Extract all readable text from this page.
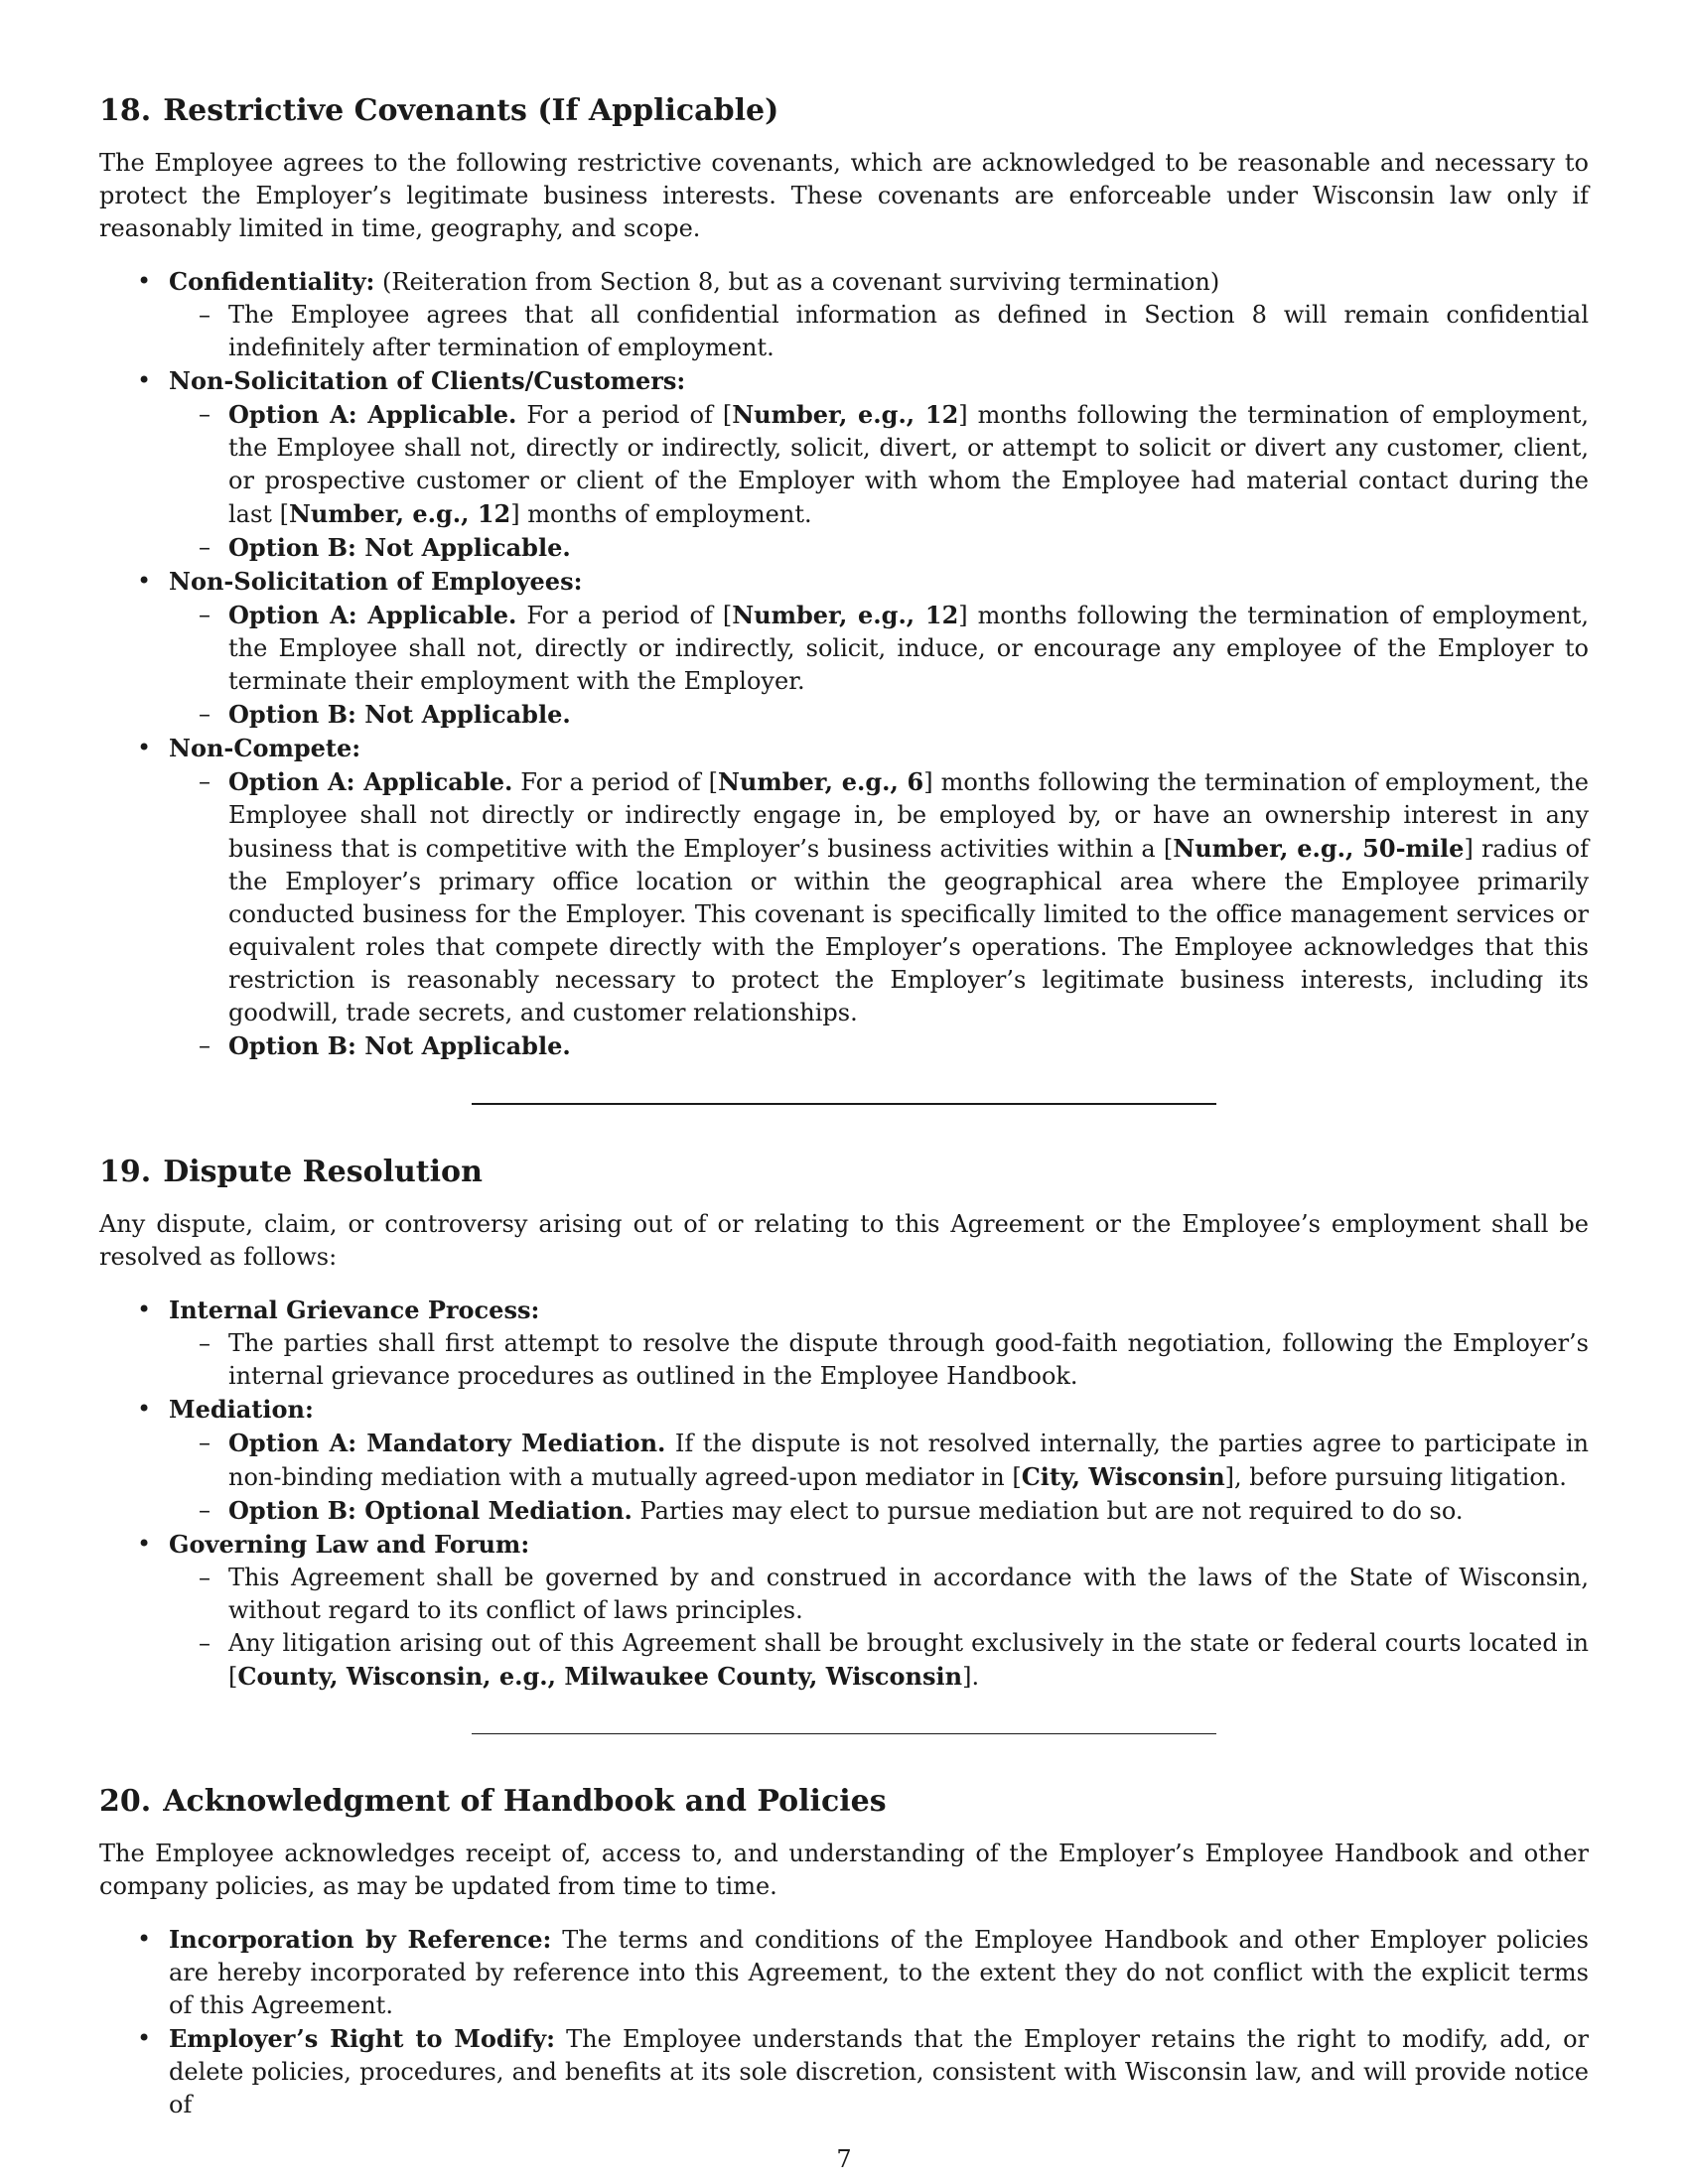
18. Restrictive Covenants (If Applicable)

The Employee agrees to the following restrictive covenants, which are acknowledged to be reasonable and necessary to protect the Employer’s legitimate business interests. These covenants are enforceable under Wisconsin law only if reasonably limited in time, geography, and scope.

• Confidentiality: (Reiteration from Section 8, but as a covenant surviving termination)
– The Employee agrees that all confidential information as defined in Section 8 will remain confidential indefinitely after termination of employment.
• Non-Solicitation of Clients/Customers:
– Option A: Applicable. For a period of [Number, e.g., 12] months following the termination of employment, the Employee shall not, directly or indirectly, solicit, divert, or attempt to solicit or divert any customer, client, or prospective customer or client of the Employer with whom the Employee had material contact during the last [Number, e.g., 12] months of employment.
– Option B: Not Applicable.
• Non-Solicitation of Employees:
– Option A: Applicable. For a period of [Number, e.g., 12] months following the termination of employment, the Employee shall not, directly or indirectly, solicit, induce, or encourage any employee of the Employer to terminate their employment with the Employer.
– Option B: Not Applicable.
• Non-Compete:
– Option A: Applicable. For a period of [Number, e.g., 6] months following the termination of employment, the Employee shall not directly or indirectly engage in, be employed by, or have an ownership interest in any business that is competitive with the Employer’s business activities within a [Number, e.g., 50-mile] radius of the Employer’s primary office location or within the geographical area where the Employee primarily conducted business for the Employer. This covenant is specifically limited to the office management services or equivalent roles that compete directly with the Employer’s operations. The Employee acknowledges that this restriction is reasonably necessary to protect the Employer’s legitimate business interests, including its goodwill, trade secrets, and customer relationships.
– Option B: Not Applicable.
19. Dispute Resolution

Any dispute, claim, or controversy arising out of or relating to this Agreement or the Employee’s employment shall be resolved as follows:

• Internal Grievance Process:
– The parties shall first attempt to resolve the dispute through good-faith negotiation, following the Employer’s internal grievance procedures as outlined in the Employee Handbook.
• Mediation:
– Option A: Mandatory Mediation. If the dispute is not resolved internally, the parties agree to participate in non-binding mediation with a mutually agreed-upon mediator in [City, Wisconsin], before pursuing litigation.
– Option B: Optional Mediation. Parties may elect to pursue mediation but are not required to do so.
• Governing Law and Forum:
– This Agreement shall be governed by and construed in accordance with the laws of the State of Wisconsin, without regard to its conflict of laws principles.
– Any litigation arising out of this Agreement shall be brought exclusively in the state or federal courts located in [County, Wisconsin, e.g., Milwaukee County, Wisconsin].
20. Acknowledgment of Handbook and Policies

The Employee acknowledges receipt of, access to, and understanding of the Employer’s Employee Handbook and other company policies, as may be updated from time to time.

• Incorporation by Reference: The terms and conditions of the Employee Handbook and other Employer policies are hereby incorporated by reference into this Agreement, to the extent they do not conflict with the explicit terms of this Agreement.
• Employer’s Right to Modify: The Employee understands that the Employer retains the right to modify, add, or delete policies, procedures, and benefits at its sole discretion, consistent with Wisconsin law, and will provide notice of
7
